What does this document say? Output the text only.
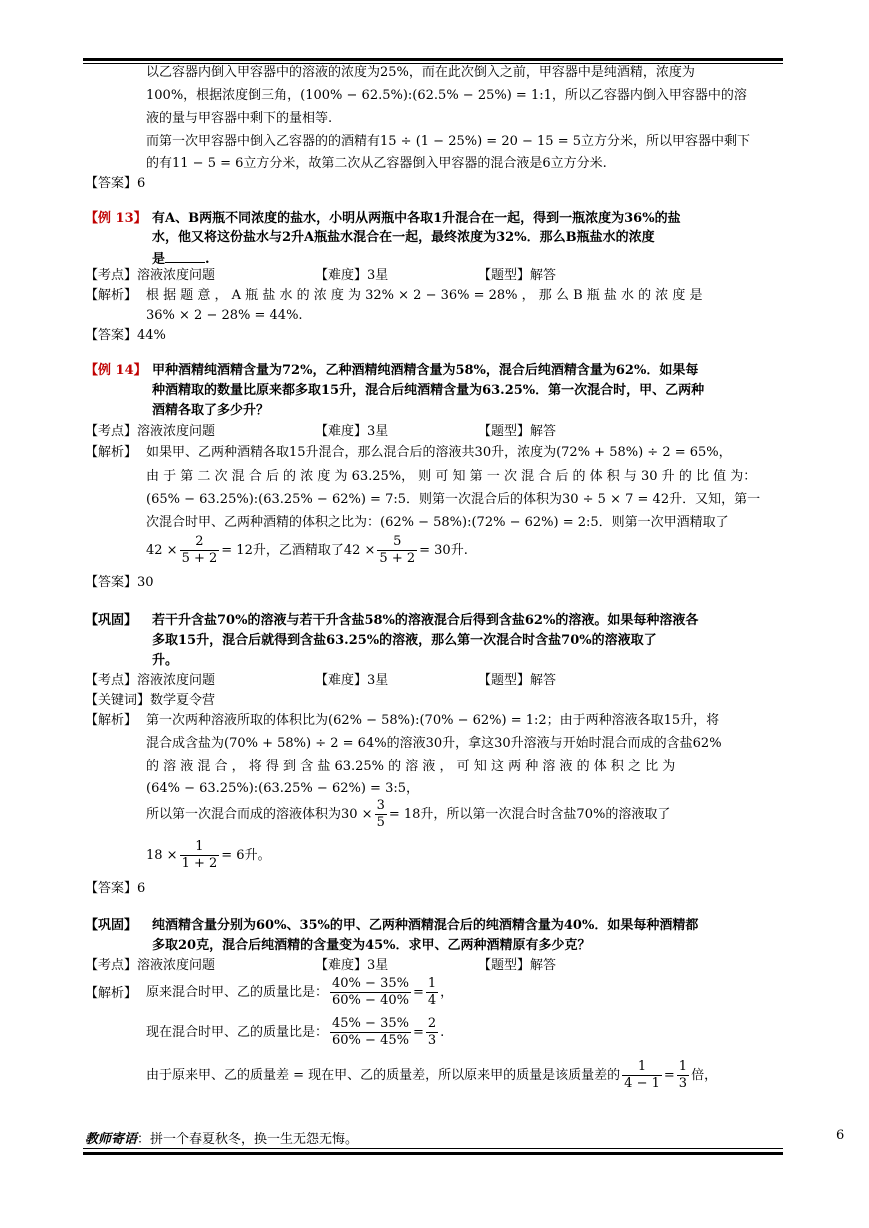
以乙容器内倒入甲容器中的溶液的浓度为25%，而在此次倒入之前，甲容器中是纯酒精，浓度为
100%，根据浓度倒三角，(100% − 62.5%):(62.5% − 25%) = 1:1，所以乙容器内倒入甲容器中的溶
液的量与甲容器中剩下的量相等.
而第一次甲容器中倒入乙容器的的酒精有15 ÷ (1 − 25%) = 20 − 15 = 5立方分米，所以甲容器中剩下
的有11 − 5 = 6立方分米，故第二次从乙容器倒入甲容器的混合液是6立方分米.
【答案】6
【例 13】 有A、B两瓶不同浓度的盐水，小明从两瓶中各取1升混合在一起，得到一瓶浓度为36%的盐
水，他又将这份盐水与2升A瓶盐水混合在一起，最终浓度为32%．那么B瓶盐水的浓度
是	.
【考点】溶液浓度问题	【难度】3星	【题型】解答
【解析】 根 据 题 意 ， A 瓶 盐 水 的 浓 度 为 32% × 2 − 36% = 28% ， 那 么 B 瓶 盐 水 的 浓 度 是
36% × 2 − 28% = 44%.
【答案】44%
【例 14】 甲种酒精纯酒精含量为72%，乙种酒精纯酒精含量为58%，混合后纯酒精含量为62%．如果每
种酒精取的数量比原来都多取15升，混合后纯酒精含量为63.25%．第一次混合时，甲、乙两种
酒精各取了多少升？
【考点】溶液浓度问题	【难度】3星	【题型】解答
【解析】 如果甲、乙两种酒精各取15升混合，那么混合后的溶液共30升，浓度为(72% + 58%) ÷ 2 = 65%，
由 于 第 二 次 混 合 后 的 浓 度 为 63.25%， 则 可 知 第 一 次 混 合 后 的 体 积 与 30 升 的 比 值 为：
(65% − 63.25%):(63.25% − 62%) = 7:5．则第一次混合后的体积为30 ÷ 5 × 7 = 42升．又知，第一
次混合时甲、乙两种酒精的体积之比为：(62% − 58%):(72% − 62%) = 2:5．则第一次甲酒精取了
$42 \times \frac{2}{5 + 2} = 12$升，乙酒精取了$42 \times \frac{5}{5 + 2} = 30$升.
【答案】30
【巩固】 若干升含盐70%的溶液与若干升含盐58%的溶液混合后得到含盐62%的溶液。如果每种溶液各
多取15升，混合后就得到含盐63.25%的溶液，那么第一次混合时含盐70%的溶液取了
升。
【考点】溶液浓度问题	【难度】3星	【题型】解答
【关键词】数学夏令营
【解析】 第一次两种溶液所取的体积比为(62% − 58%):(70% − 62%) = 1:2；由于两种溶液各取15升，将
混合成含盐为(70% + 58%) ÷ 2 = 64%的溶液30升，拿这30升溶液与开始时混合而成的含盐62%
的 溶 液 混 合 ， 将 得 到 含 盐 63.25% 的 溶 液 ， 可 知 这 两 种 溶 液 的 体 积 之 比 为
(64% − 63.25%):(63.25% − 62%) = 3:5，
所以第一次混合而成的溶液体积为$30 \times \frac{3}{5} = 18$升，所以第一次混合时含盐70%的溶液取了
$18 \times \frac{1}{1 + 2} = 6$升。
【答案】6
【巩固】 纯酒精含量分别为60%、35%的甲、乙两种酒精混合后的纯酒精含量为40%．如果每种酒精都
多取20克，混合后纯酒精的含量变为45%．求甲、乙两种酒精原有多少克？
【考点】溶液浓度问题	【难度】3星	【题型】解答
【解析】 原来混合时甲、乙的质量比是： $\frac{40\% - 35\%}{60\% - 40\%} = \frac{1}{4}$ ，
现在混合时甲、乙的质量比是： $\frac{45\% - 35\%}{60\% - 45\%} = \frac{2}{3}$ .
由于原来甲、乙的质量差 = 现在甲、乙的质量差，所以原来甲的质量是该质量差的 $\frac{1}{4 - 1} = \frac{1}{3}$ 倍，
教师寄语：拼一个春夏秋冬，换一生无怨无悔。	6
